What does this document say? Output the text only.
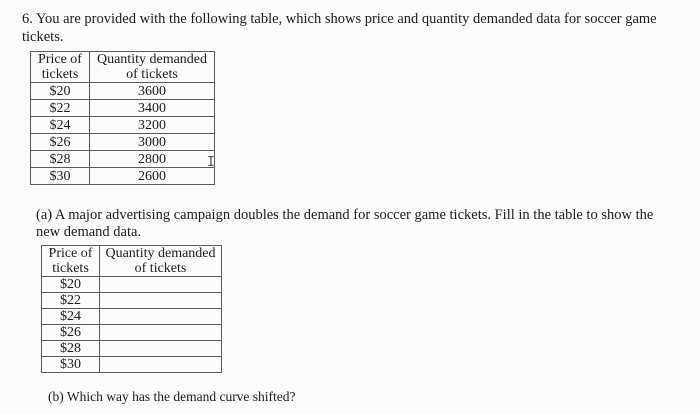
6. You are provided with the following table, which shows price and quantity demanded data for soccer game tickets.
Price of tickets	Quantity demanded of tickets
$20	3600
$22	3400
$24	3200
$26	3000
$28	2800
$30	2600
I
(a) A major advertising campaign doubles the demand for soccer game tickets. Fill in the table to show the new demand data.
Price of tickets	Quantity demanded of tickets
$20	
$22	
$24	
$26	
$28	
$30	
(b) Which way has the demand curve shifted?
